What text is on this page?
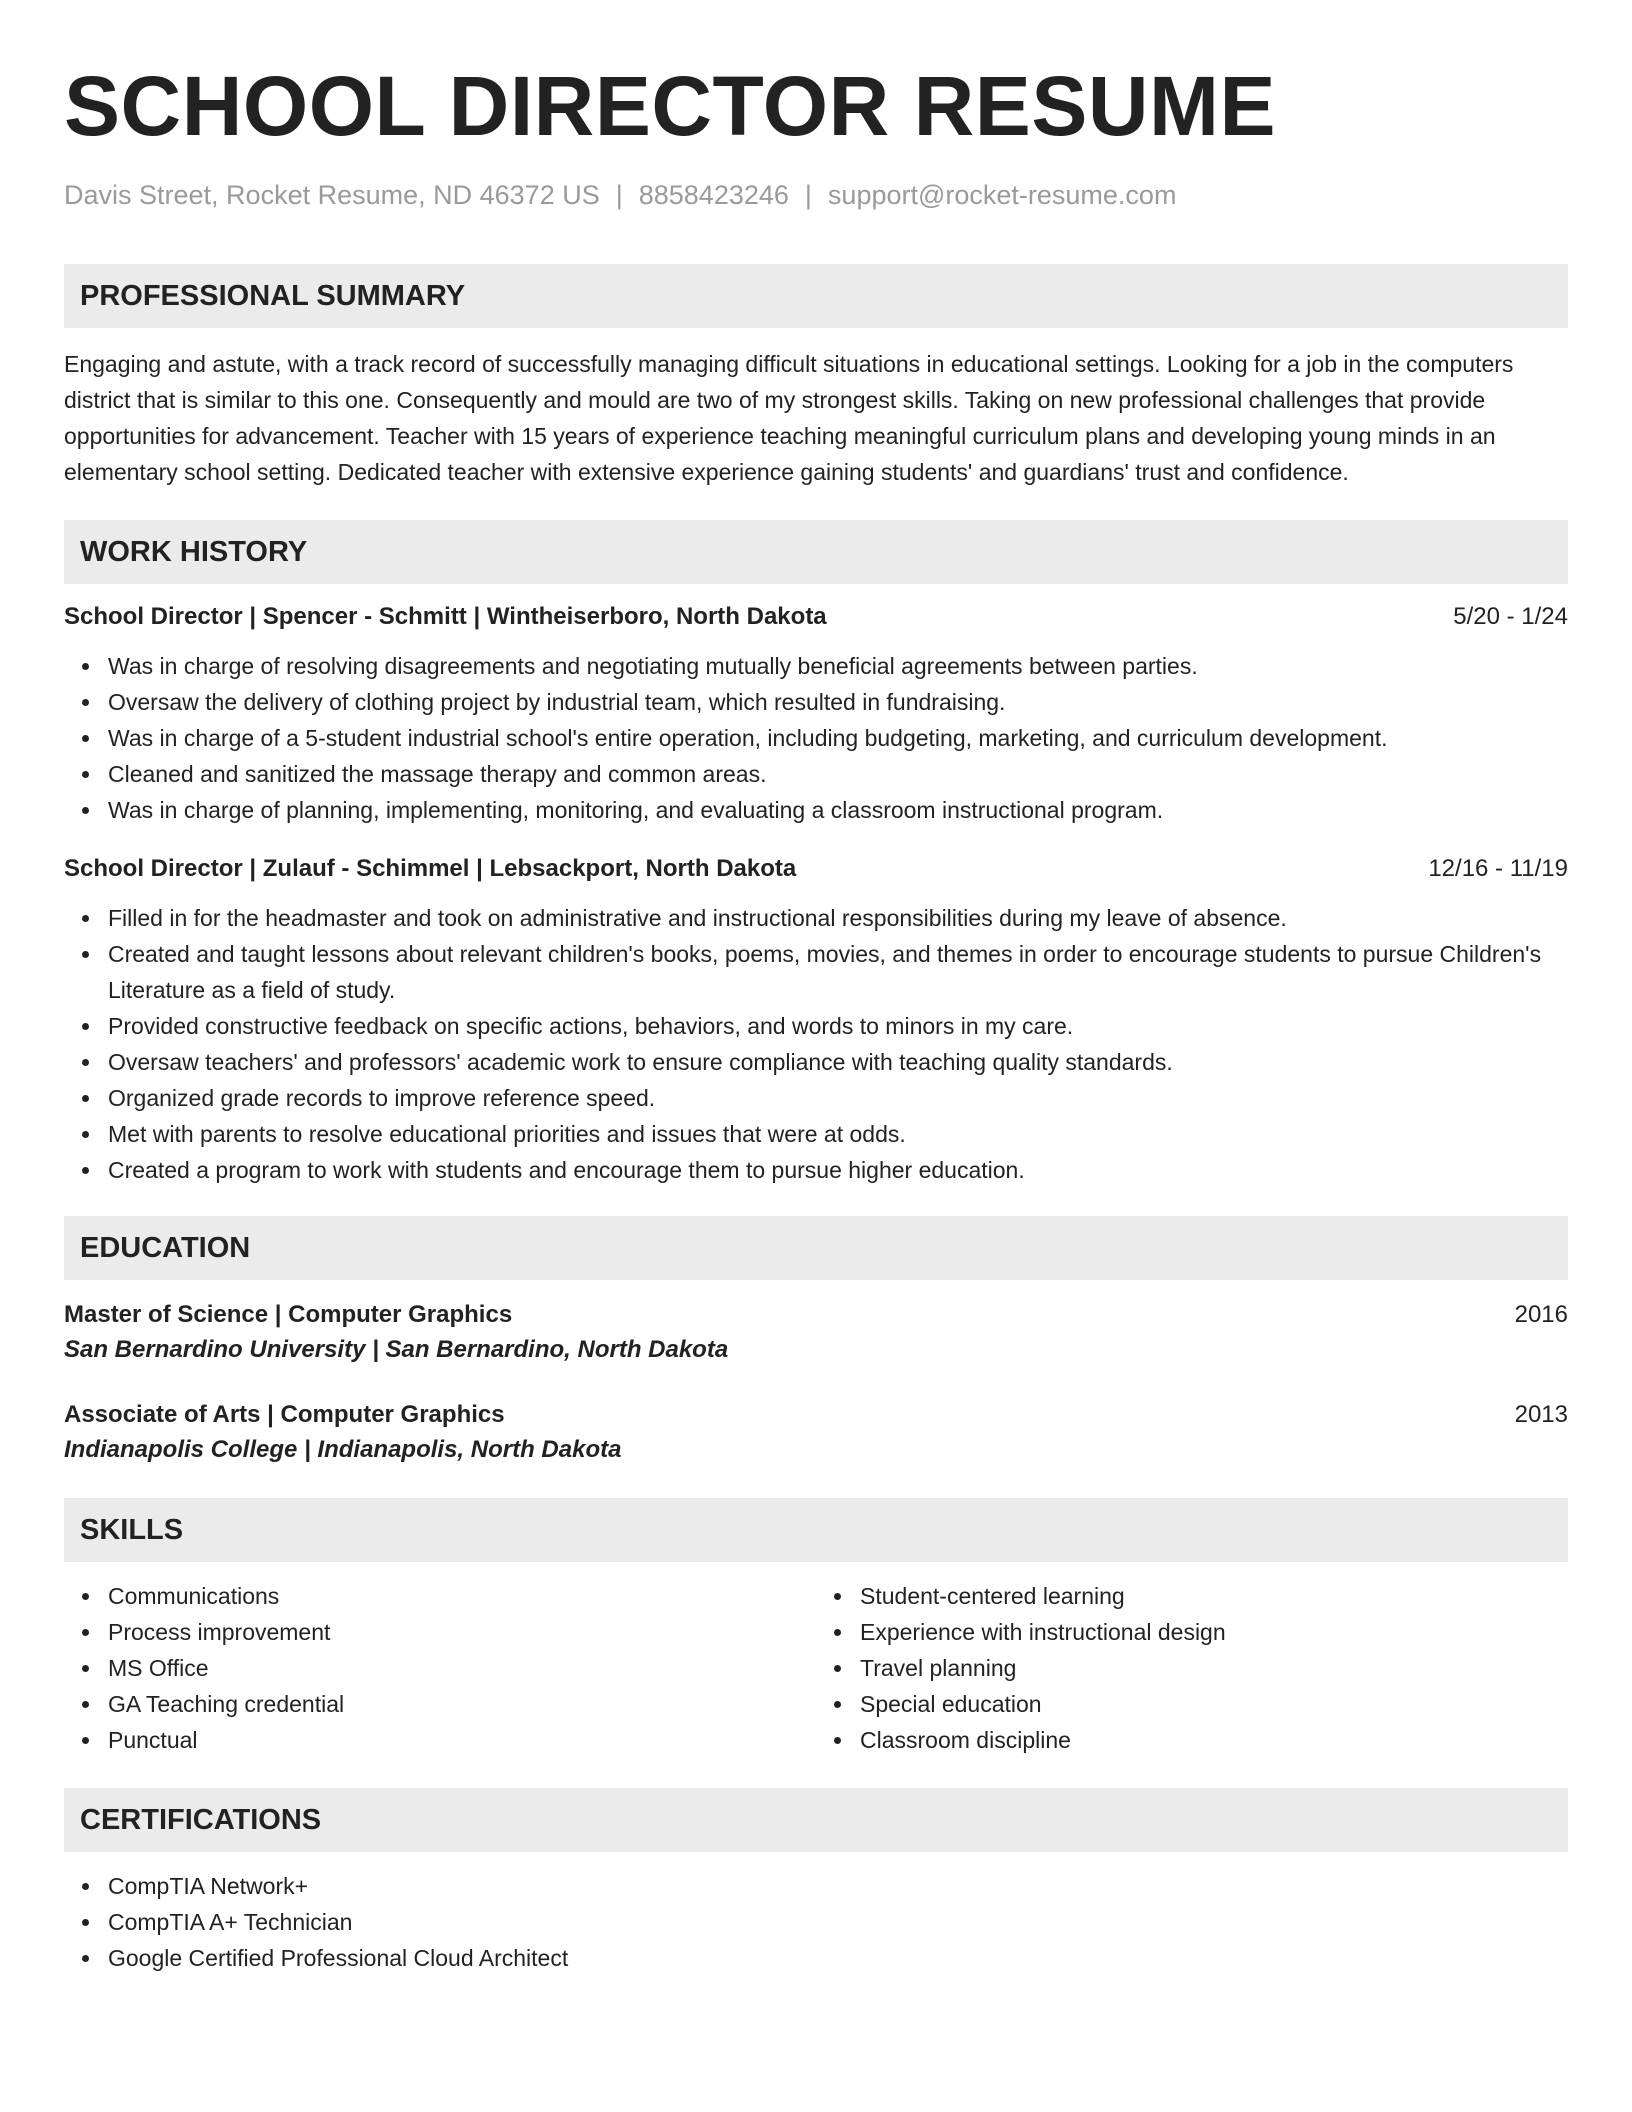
SCHOOL DIRECTOR RESUME
Davis Street, Rocket Resume, ND 46372 US | 8858423246 | support@rocket-resume.com
PROFESSIONAL SUMMARY

Engaging and astute, with a track record of successfully managing difficult situations in educational settings. Looking for a job in the computers district that is similar to this one. Consequently and mould are two of my strongest skills. Taking on new professional challenges that provide opportunities for advancement. Teacher with 15 years of experience teaching meaningful curriculum plans and developing young minds in an elementary school setting. Dedicated teacher with extensive experience gaining students' and guardians' trust and confidence.

WORK HISTORY
School Director | Spencer - Schmitt | Wintheiserboro, North Dakota	5/20 - 1/24
Was in charge of resolving disagreements and negotiating mutually beneficial agreements between parties.
Oversaw the delivery of clothing project by industrial team, which resulted in fundraising.
Was in charge of a 5-student industrial school's entire operation, including budgeting, marketing, and curriculum development.
Cleaned and sanitized the massage therapy and common areas.
Was in charge of planning, implementing, monitoring, and evaluating a classroom instructional program.
School Director | Zulauf - Schimmel | Lebsackport, North Dakota	12/16 - 11/19
Filled in for the headmaster and took on administrative and instructional responsibilities during my leave of absence.
Created and taught lessons about relevant children's books, poems, movies, and themes in order to encourage students to pursue Children's Literature as a field of study.
Provided constructive feedback on specific actions, behaviors, and words to minors in my care.
Oversaw teachers' and professors' academic work to ensure compliance with teaching quality standards.
Organized grade records to improve reference speed.
Met with parents to resolve educational priorities and issues that were at odds.
Created a program to work with students and encourage them to pursue higher education.
EDUCATION
Master of Science | Computer Graphics	2016
San Bernardino University | San Bernardino, North Dakota
Associate of Arts | Computer Graphics	2013
Indianapolis College | Indianapolis, North Dakota
SKILLS
Communications
Process improvement
MS Office
GA Teaching credential
Punctual
Student-centered learning
Experience with instructional design
Travel planning
Special education
Classroom discipline
CERTIFICATIONS
CompTIA Network+
CompTIA A+ Technician
Google Certified Professional Cloud Architect
